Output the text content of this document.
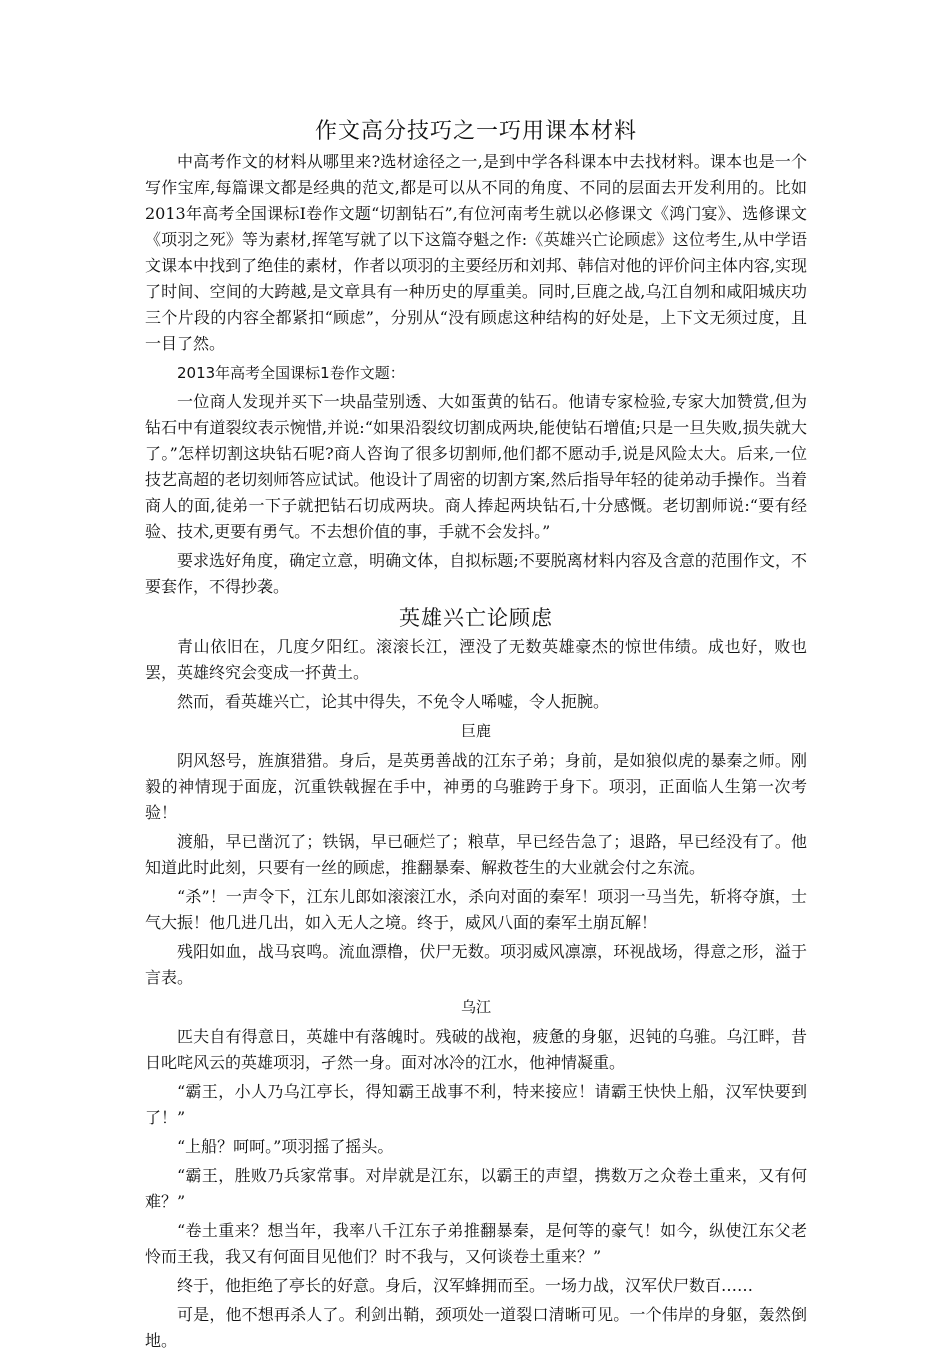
作文高分技巧之一巧用课本材料

中高考作文的材料从哪里来?选材途径之一,是到中学各科课本中去找材料。课本也是一个写作宝库,每篇课文都是经典的范文,都是可以从不同的角度、不同的层面去开发利用的。比如2013年高考全国课标Ⅰ卷作文题“切割钻石”,有位河南考生就以必修课文《鸿门宴》、选修课文《项羽之死》等为素材,挥笔写就了以下这篇夺魁之作:《英雄兴亡论顾虑》这位考生,从中学语文课本中找到了绝佳的素材，作者以项羽的主要经历和刘邦、韩信对他的评价问主体内容,实现了时间、空间的大跨越,是文章具有一种历史的厚重美。同时,巨鹿之战,乌江自刎和咸阳城庆功三个片段的内容全都紧扣“顾虑”，分别从“没有顾虑这种结构的好处是，上下文无须过度，且一目了然。

2013年高考全国课标1卷作文题：

一位商人发现并买下一块晶莹别透、大如蛋黄的钻石。他请专家检验,专家大加赞赏,但为钻石中有道裂纹表示惋惜,并说:“如果沿裂纹切割成两块,能使钻石增值;只是一旦失败,损失就大了。”怎样切割这块钻石呢?商人咨询了很多切割师,他们都不愿动手,说是风险太大。后来,一位技艺高超的老切刻师答应试试。他设计了周密的切割方案,然后指导年轻的徒弟动手操作。当着商人的面,徒弟一下子就把钻石切成两块。商人捧起两块钻石,十分感慨。老切割师说:“要有经验、技术,更要有勇气。不去想价值的事，手就不会发抖。”

要求选好角度，确定立意，明确文体，自拟标题;不要脱离材料内容及含意的范围作文，不要套作，不得抄袭。

英雄兴亡论顾虑

青山依旧在，几度夕阳红。滚滚长江，湮没了无数英雄豪杰的惊世伟绩。成也好，败也罢，英雄终究会变成一抔黄土。

然而，看英雄兴亡，论其中得失，不免令人唏嘘，令人扼腕。

巨鹿

阴风怒号，旌旗猎猎。身后，是英勇善战的江东子弟；身前，是如狼似虎的暴秦之师。刚毅的神情现于面庞，沉重铁戟握在手中，神勇的乌骓跨于身下。项羽，正面临人生第一次考验！

渡船，早已凿沉了；铁锅，早已砸烂了；粮草，早已经告急了；退路，早已经没有了。他知道此时此刻，只要有一丝的顾虑，推翻暴秦、解救苍生的大业就会付之东流。

“杀”！一声令下，江东儿郎如滚滚江水，杀向对面的秦军！项羽一马当先，斩将夺旗，士气大振！他几进几出，如入无人之境。终于，威风八面的秦军土崩瓦解！

残阳如血，战马哀鸣。流血漂橹，伏尸无数。项羽威风凛凛，环视战场，得意之形，溢于言表。

乌江

匹夫自有得意日，英雄中有落魄时。残破的战袍，疲惫的身躯，迟钝的乌骓。乌江畔，昔日叱咤风云的英雄项羽，孑然一身。面对冰冷的江水，他神情凝重。

“霸王，小人乃乌江亭长，得知霸王战事不利，特来接应！请霸王快快上船，汉军快要到了！”

“上船？呵呵。”项羽摇了摇头。

“霸王，胜败乃兵家常事。对岸就是江东，以霸王的声望，携数万之众卷土重来，又有何难？”

“卷土重来？想当年，我率八千江东子弟推翻暴秦，是何等的豪气！如今，纵使江东父老怜而王我，我又有何面目见他们？时不我与，又何谈卷土重来？”

终于，他拒绝了亭长的好意。身后，汉军蜂拥而至。一场力战，汉军伏尸数百……

可是，他不想再杀人了。利剑出鞘，颈项处一道裂口清晰可见。一个伟岸的身躯，轰然倒地。
